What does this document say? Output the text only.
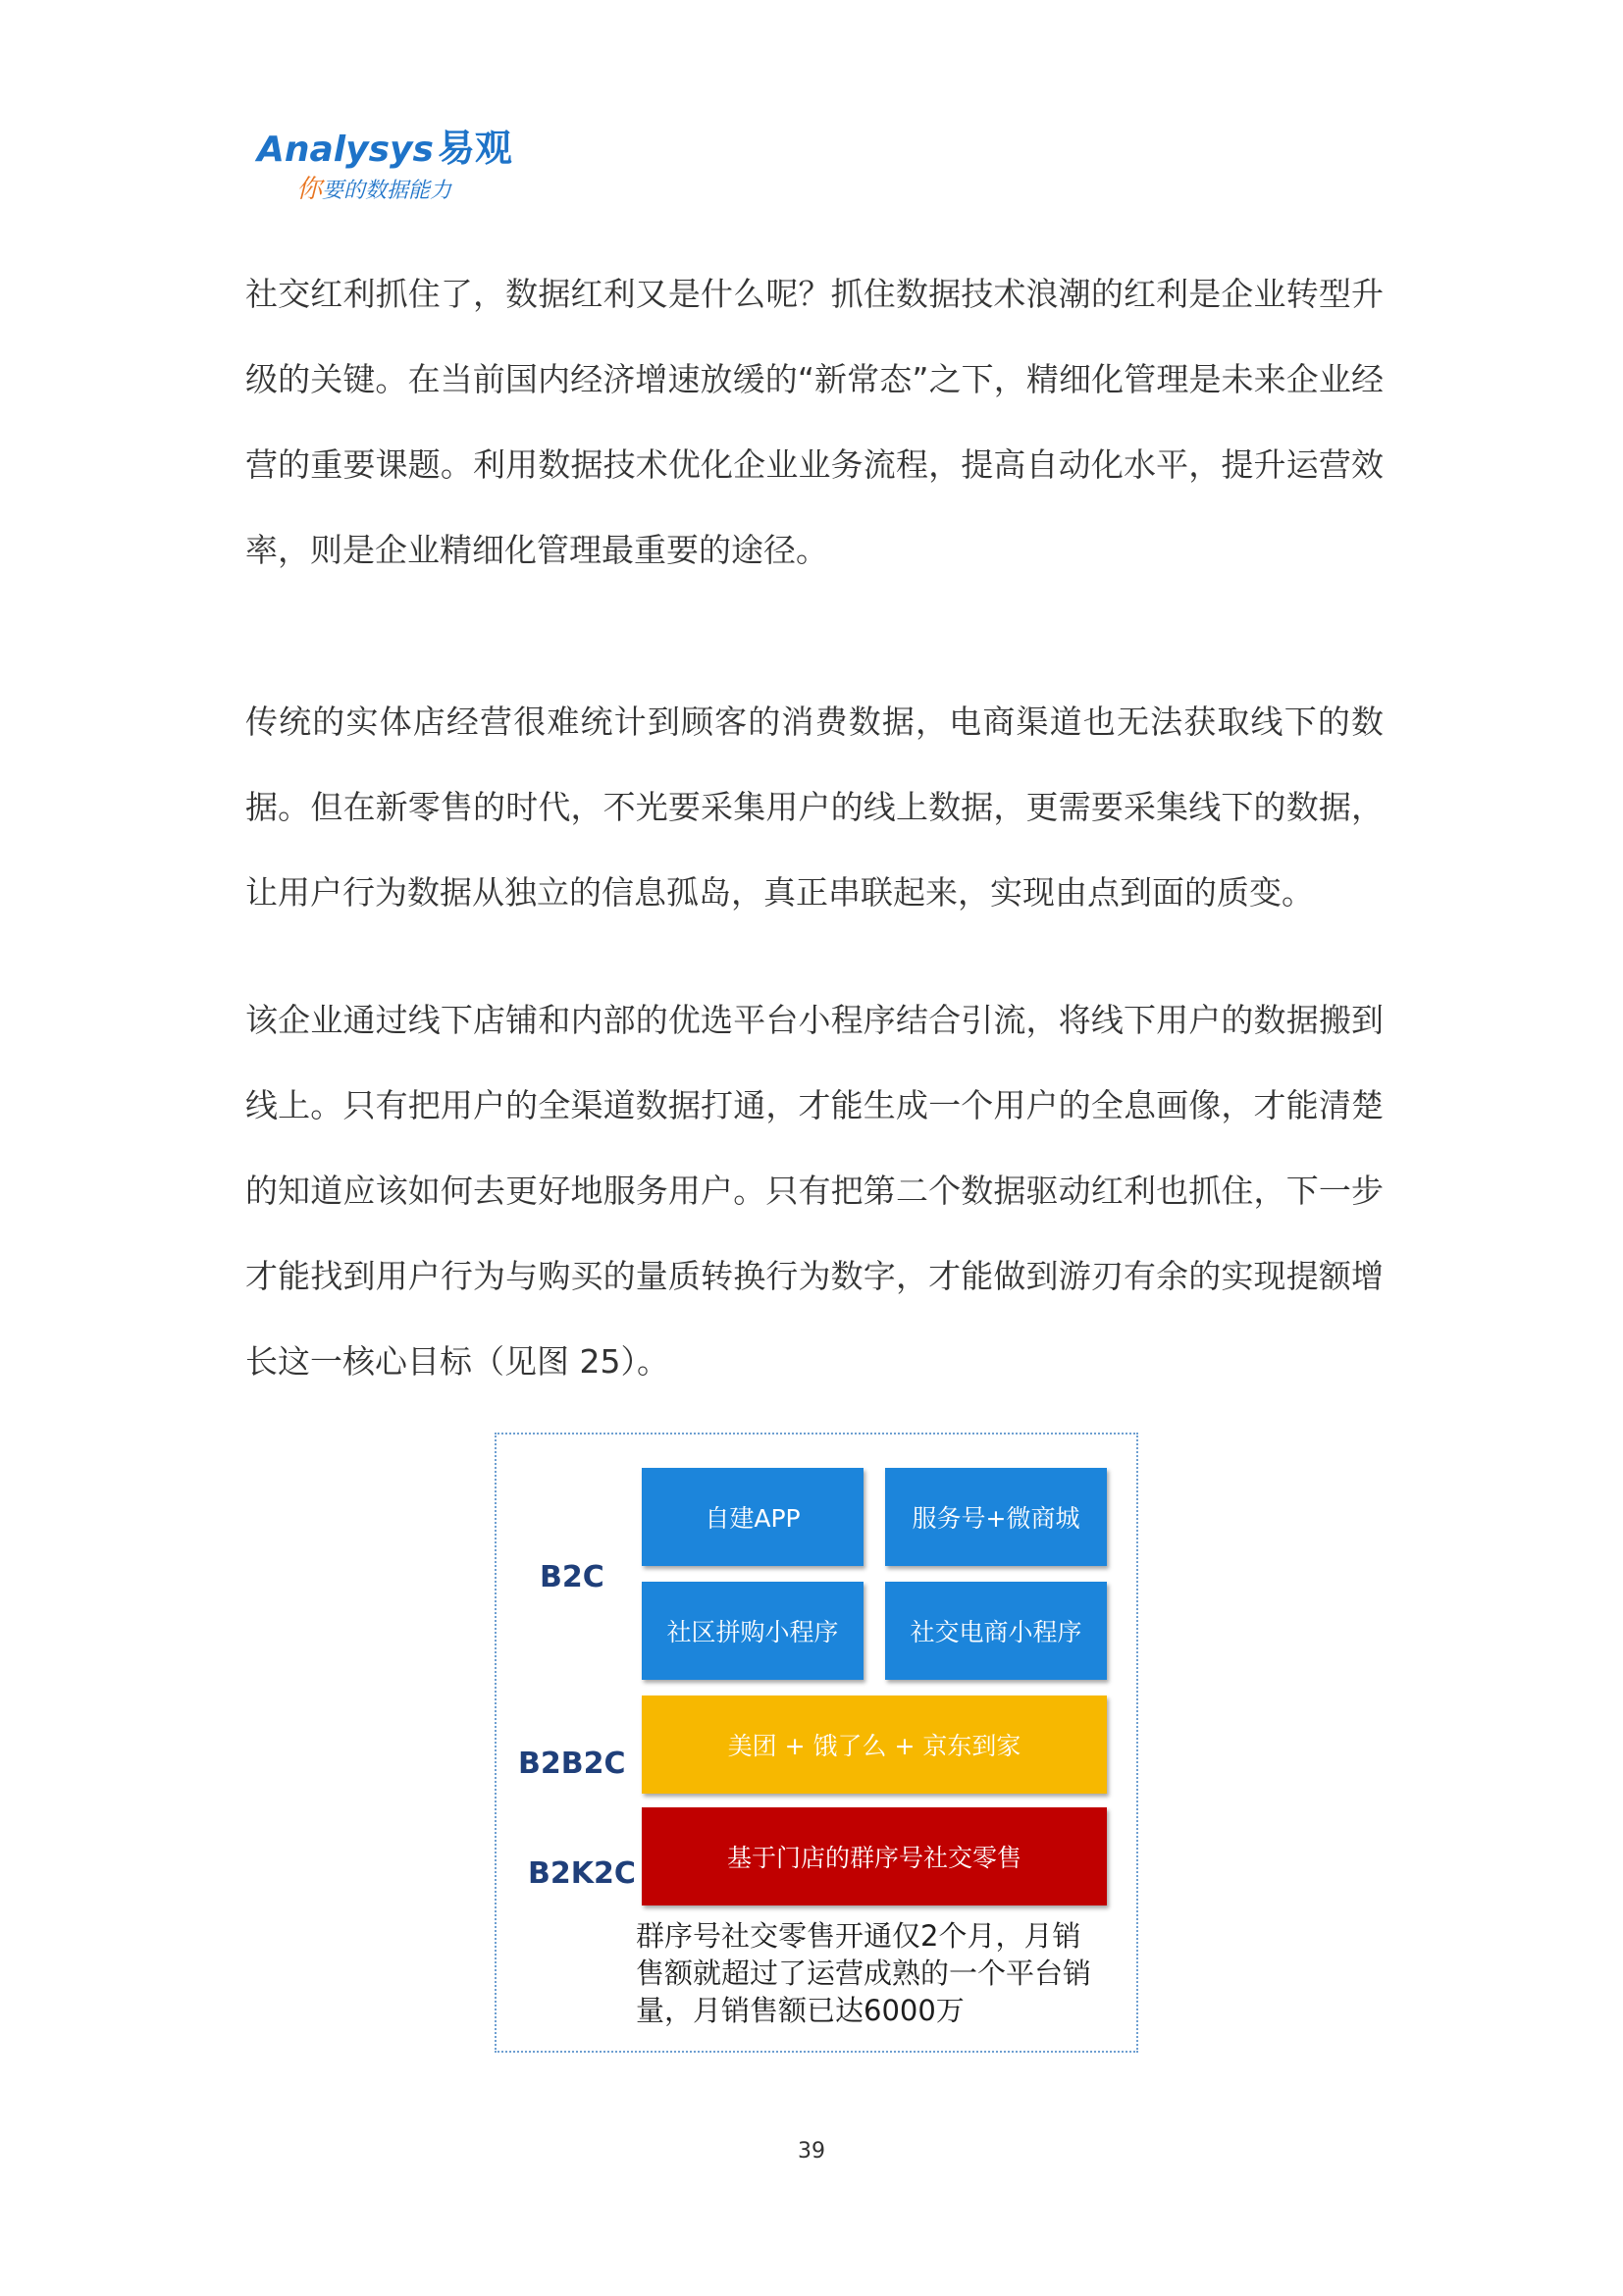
Analysys 易观
你要的数据能力

社交红利抓住了，数据红利又是什么呢？抓住数据技术浪潮的红利是企业转型升级的关键。在当前国内经济增速放缓的“新常态”之下，精细化管理是未来企业经营的重要课题。利用数据技术优化企业业务流程，提高自动化水平，提升运营效率，则是企业精细化管理最重要的途径。

传统的实体店经营很难统计到顾客的消费数据，电商渠道也无法获取线下的数据。但在新零售的时代，不光要采集用户的线上数据，更需要采集线下的数据，让用户行为数据从独立的信息孤岛，真正串联起来，实现由点到面的质变。

该企业通过线下店铺和内部的优选平台小程序结合引流，将线下用户的数据搬到线上。只有把用户的全渠道数据打通，才能生成一个用户的全息画像，才能清楚的知道应该如何去更好地服务用户。只有把第二个数据驱动红利也抓住，下一步才能找到用户行为与购买的量质转换行为数字，才能做到游刃有余的实现提额增长这一核心目标（见图 25）。

B2C
B2B2C
B2K2C
自建APP	服务号+微商城
社区拼购小程序	社交电商小程序
美团 + 饿了么 + 京东到家
基于门店的群序号社交零售

群序号社交零售开通仅2个月，月销售额就超过了运营成熟的一个平台销量，月销售额已达6000万

39
